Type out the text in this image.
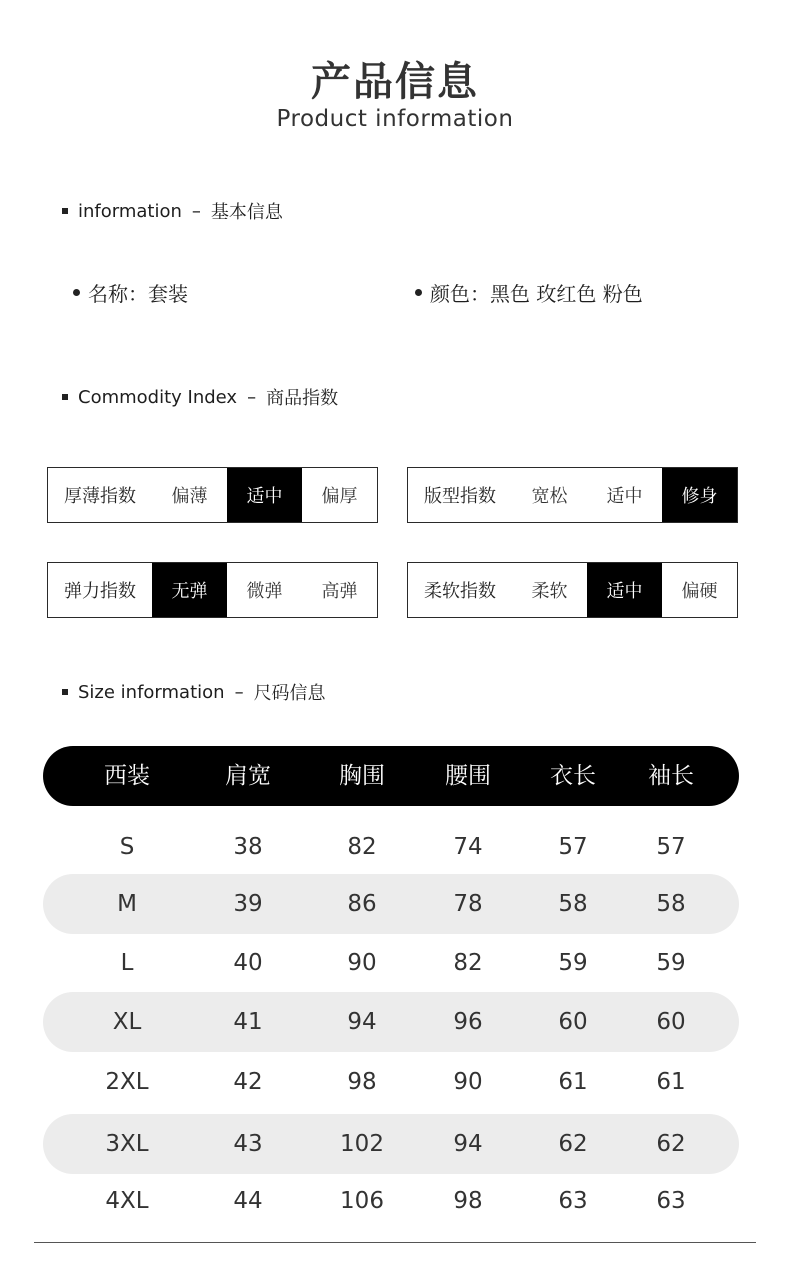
产品信息
Product information
information – 基本信息
名称： 套装	颜色： 黑色 玫红色 粉色
Commodity Index – 商品指数
厚薄指数	偏薄	适中	偏厚	版型指数	宽松	适中	修身
弹力指数	无弹	微弹	高弹	柔软指数	柔软	适中	偏硬
Size information – 尺码信息
西装	肩宽	胸围	腰围	衣长	袖长
S	38	82	74	57	57
M	39	86	78	58	58
L	40	90	82	59	59
XL	41	94	96	60	60
2XL	42	98	90	61	61
3XL	43	102	94	62	62
4XL	44	106	98	63	63
